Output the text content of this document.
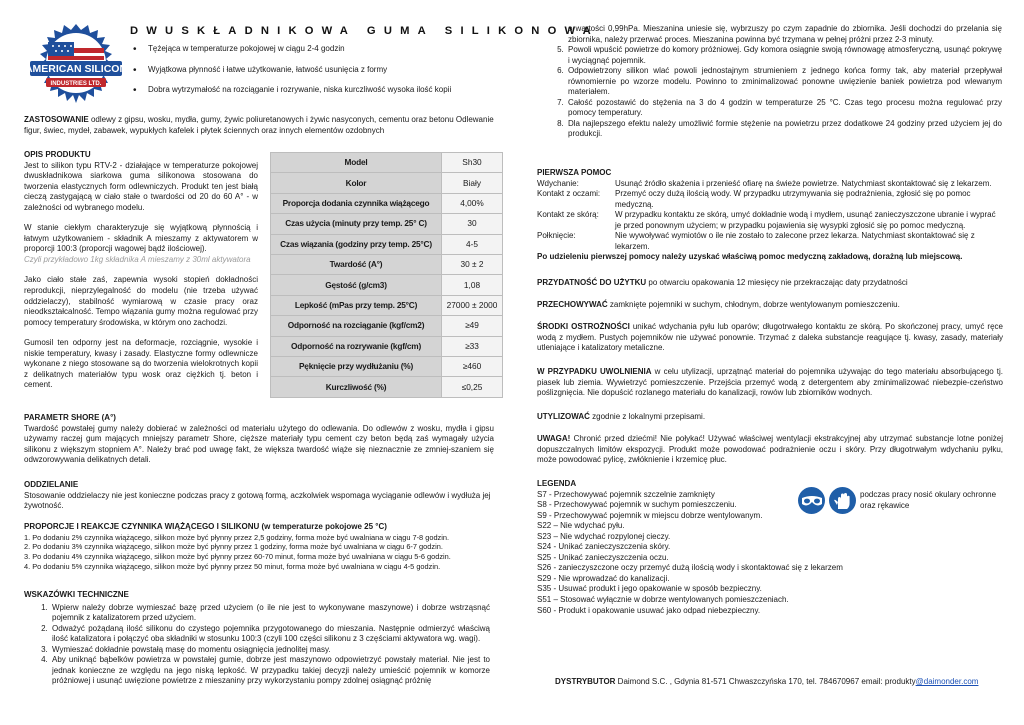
AMERICAN SILICON
INDUSTRIES LTD.
DWUSKŁADNIKOWA GUMA SILIKONOWA
• Tężejąca w temperaturze pokojowej w ciągu 2-4 godzin
• Wyjątkowa płynność i łatwe użytkowanie, łatwość usunięcia z formy
• Dobra wytrzymałość na rozciąganie i rozrywanie, niska kurczliwość wysoka ilość kopii

ZASTOSOWANIE odlewy z gipsu, wosku, mydła, gumy, żywic poliuretanowych i żywic nasyconych, cementu oraz betonu Odlewanie figur, świec, mydeł, zabawek, wypukłych kafelek i płytek ściennych oraz innych elementów ozdobnych

OPIS PRODUKTU

Jest to silikon typu RTV-2 - działające w temperaturze pokojowej dwuskładnikowa siarkowa guma silikonowa stosowana do tworzenia elastycznych form odlewniczych. Produkt ten jest białą cieczą zastygającą w ciało stałe o twardości od 20 do 60 A° - w zależności od wybranego modelu.

W stanie ciekłym charakteryzuje się wyjątkową płynnością i łatwym użytkowaniem - składnik A mieszamy z aktywatorem w proporcji 100:3 (proporcji wagowej bądź ilościowej).

Czyli przykładowo 1kg składnika A mieszamy z 30ml aktywatora

Jako ciało stałe zaś, zapewnia wysoki stopień dokładności reprodukcji, nieprzylegalność do modelu (nie trzeba używać oddzielaczy), stabilność wymiarową w czasie pracy oraz nieodkształcalność. Tempo wiązania gumy można regulować przy pomocy temperatury środowiska, w którym ono zachodzi.

Gumosil ten odporny jest na deformacje, rozciągnie, wysokie i niskie temperatury, kwasy i zasady. Elastyczne formy odlewnicze wykonane z niego stosowane są do tworzenia wielokrotnych kopii z delikatnych materiałów typu wosk oraz ciężkich tj. beton i cement.

Model	Sh30
Kolor	Biały
Proporcja dodania czynnika wiążącego	4,00%
Czas użycia (minuty przy temp. 25° C)	30
Czas wiązania (godziny przy temp. 25°C)	4-5
Twardość (A°)	30 ± 2
Gęstość (g/cm3)	1,08
Lepkość (mPas przy temp. 25°C)	27000 ± 2000
Odporność na rozciąganie (kgf/cm2)	≥49
Odporność na rozrywanie (kgf/cm)	≥33
Pęknięcie przy wydłużaniu (%)	≥460
Kurczliwość (%)	≤0,25

PARAMETR SHORE (A°)

Twardość powstałej gumy należy dobierać w zależności od materiału użytego do odlewania. Do odlewów z wosku, mydła i gipsu używamy raczej gum mających mniejszy parametr Shore, cięższe materiały typu cement czy beton będą zaś wymagały użycia silikonu z większym stopniem A°. Należy brać pod uwagę fakt, że większa twardość wiąże się nieznacznie ze zmniej-szaniem się odwzorowywania delikatnych detali.

ODDZIELANIE

Stosowanie oddzielaczy nie jest konieczne podczas pracy z gotową formą, aczkolwiek wspomaga wyciąganie odlewów i wydłuża jej żywotność.

PROPORCJE I REAKCJE CZYNNIKA WIĄŻĄCEGO I SILIKONU (w temperaturze pokojowe 25 °C)

1. Po dodaniu 2% czynnika wiążącego, silikon może być płynny przez 2,5 godziny, forma może być uwalniana w ciągu 7-8 godzin.

2. Po dodaniu 3% czynnika wiążącego, silikon może być płynny przez 1 godziny, forma może być uwalniana w ciągu 6-7 godzin.

3. Po dodaniu 4% czynnika wiążącego, silikon może być płynny przez 60-70 minut, forma może być uwalniana w ciągu 5-6 godzin.

4. Po dodaniu 5% czynnika wiążącego, silikon może być płynny przez 50 minut, forma może być uwalniana w ciągu 4-5 godzin.

WSKAZÓWKI TECHNICZNE

1. Wpierw należy dobrze wymieszać bazę przed użyciem (o ile nie jest to wykonywane maszynowe) i dobrze wstrząsnąć pojemnik z katalizatorem przed użyciem.
2. Odważyć pożądaną ilość silikonu do czystego pojemnika przygotowanego do mieszania. Następnie odmierzyć właściwą ilość katalizatora i połączyć oba składniki w stosunku 100:3 (czyli 100 części silikonu z 3 częściami aktywatora wg. wagi).
3. Wymieszać dokładnie powstałą masę do momentu osiągnięcia jednolitej masy.
4. Aby uniknąć bąbelków powietrza w powstałej gumie, dobrze jest maszynowo odpowietrzyć powstały materiał. Nie jest to jednak konieczne ze względu na jego niską lepkość. W przypadku takiej decyzji należy umieścić pojemnik w komorze próżniowej i usunąć uwięzione powietrze z mieszaniny przy wykorzystaniu pompy zdolnej osiągnąć próżnię

o wartości 0,99hPa. Mieszanina uniesie się, wybrzuszy po czym zapadnie do zbiornika. Jeśli dochodzi do przelania się zbiornika, należy przerwać proces. Mieszanina powinna być trzymana w pełnej próżni przez 2-3 minuty.

5. Powoli wpuścić powietrze do komory próżniowej. Gdy komora osiągnie swoją równowagę atmosferyczną, usunąć pokrywę i wyciągnąć pojemnik.
6. Odpowietrzony silikon wlać powoli jednostajnym strumieniem z jednego końca formy tak, aby materiał przepływał równomiernie po wzorze modelu. Powinno to zminimalizować ponowne uwięzienie baniek powietrza pod wlewanym materiałem.
7. Całość pozostawić do stężenia na 3 do 4 godzin w temperaturze 25 °C. Czas tego procesu można regulować przy pomocy temperatury.
8. Dla najlepszego efektu należy umożliwić formie stężenie na powietrzu przez dodatkowe 24 godziny przed użyciem jej do produkcji.

PIERWSZA POMOC

Wdychanie:	Usunąć źródło skażenia i przenieść ofiarę na świeże powietrze. Natychmiast skontaktować się z lekarzem.
Kontakt z oczami: Przemyć oczy dużą ilością wody. W przypadku utrzymywania się podrażnienia, zgłosić się po pomoc medyczną.
Kontakt ze skórą: W przypadku kontaktu ze skórą, umyć dokładnie wodą i mydłem, usunąć zanieczyszczone ubranie i wyprać je przed ponownym użyciem; w przypadku pojawienia się wysypki zgłosić się po pomoc medyczną.
Połknięcie:	Nie wywoływać wymiotów o ile nie zostało to zalecone przez lekarza. Natychmiast skontaktować się z lekarzem.

Po udzieleniu pierwszej pomocy należy uzyskać właściwą pomoc medyczną zakładową, dorażną lub miejscową.

PRZYDATNOŚĆ DO UŻYTKU po otwarciu opakowania 12 miesięcy nie przekraczając daty przydatności

PRZECHOWYWAĆ zamknięte pojemniki w suchym, chłodnym, dobrze wentylowanym pomieszczeniu.

ŚRODKI OSTROŻNOŚCI unikać wdychania pyłu lub oparów; długotrwałego kontaktu ze skórą. Po skończonej pracy, umyć ręce wodą z mydłem. Pustych pojemników nie używać ponownie. Trzymać z daleka substancje reagujące tj. kwasy, zasady, materiały utleniające i katalizatory metaliczne.

W PRZYPADKU UWOLNIENIA w celu utylizacji, uprzątnąć materiał do pojemnika używając do tego materiału absorbującego tj. piasek lub ziemia. Wywietrzyć pomieszczenie. Przejścia przemyć wodą z detergentem aby zminimalizować niebezpie-czeństwo poślizgnięcia. Nie dopuścić rozlanego materiału do kanalizacji, rowów lub zbiorników wodnych.

UTYLIZOWAĆ zgodnie z lokalnymi przepisami.

UWAGA! Chronić przed dziećmi! Nie połykać! Używać właściwej wentylacji ekstrakcyjnej aby utrzymać substancje lotne poniżej dopuszczalnych limitów ekspozycji. Produkt może powodować podrażnienie oczu i skóry. Przy długotrwałym wdychaniu pyłku, może powodować pylicę, zwłóknienie i krzemicę płuc.

LEGENDA

S7 - Przechowywać pojemnik szczelnie zamknięty

S8 - Przechowywać pojemnik w suchym pomieszczeniu.

S9 - Przechowywać pojemnik w miejscu dobrze wentylowanym.

S22 – Nie wdychać pyłu.

S23 – Nie wdychać rozpylonej cieczy.

S24 - Unikać zanieczyszczenia skóry.

S25 - Unikać zanieczyszczenia oczu.

S26 - zanieczyszczone oczy przemyć dużą ilością wody i skontaktować się z lekarzem

S29 - Nie wprowadzać do kanalizacji.

S35 - Usuwać produkt i jego opakowanie w sposób bezpieczny.

S51 – Stosować wyłącznie w dobrze wentylowanych pomieszczeniach.

S60 - Produkt i opakowanie usuwać jako odpad niebezpieczny.

podczas pracy nosić okulary ochronne oraz rękawice
DYSTRYBUTOR Daimond S.C. , Gdynia 81-571 Chwaszczyńska 170, tel. 784670967 email: produkty@daimonder.com
